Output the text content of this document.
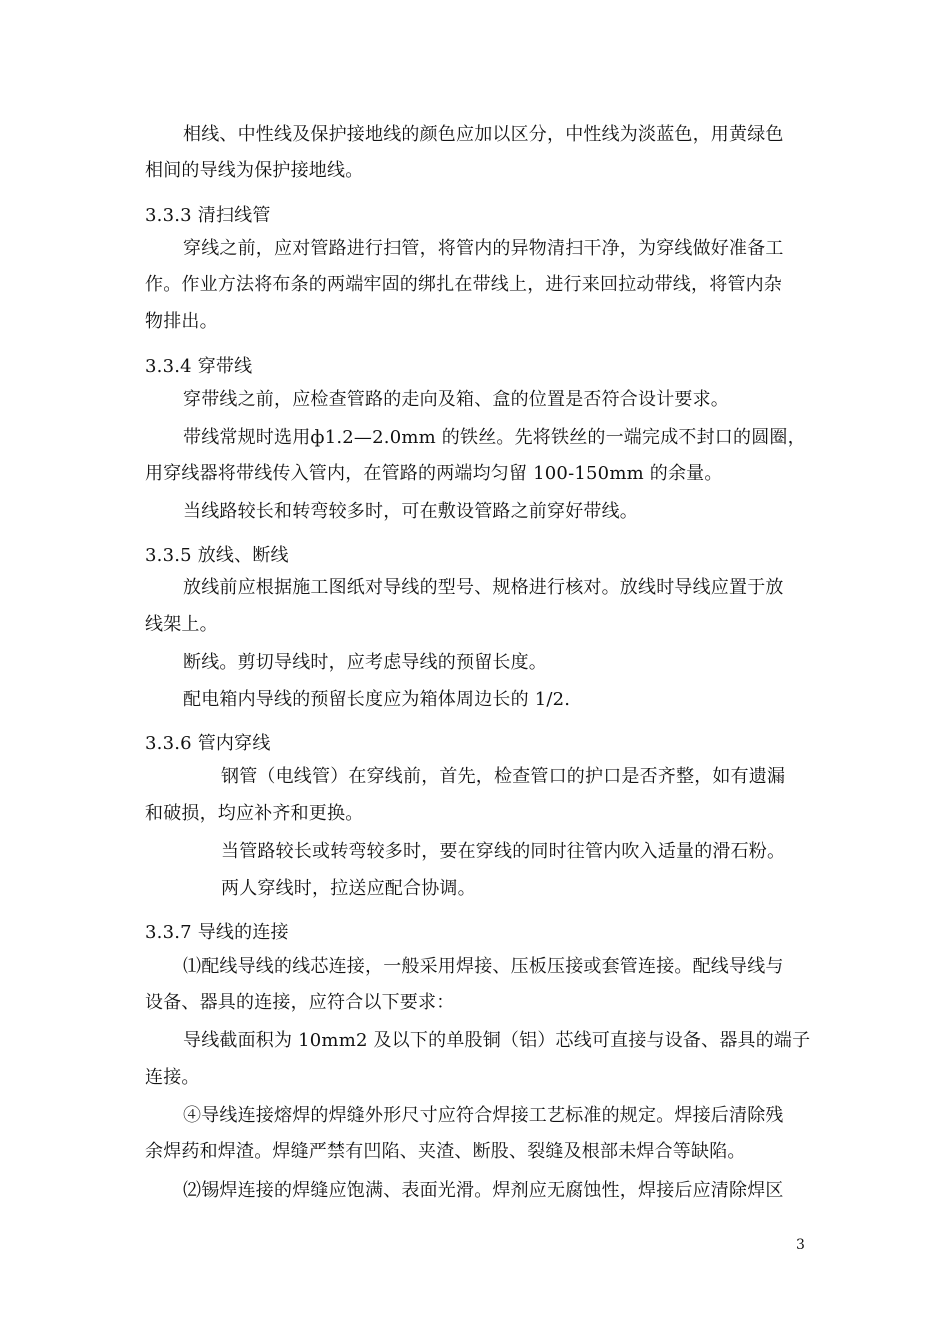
相线、中性线及保护接地线的颜色应加以区分，中性线为淡蓝色，用黄绿色
相间的导线为保护接地线。
3.3.3 清扫线管
穿线之前，应对管路进行扫管，将管内的异物清扫干净，为穿线做好准备工
作。作业方法将布条的两端牢固的绑扎在带线上，进行来回拉动带线，将管内杂
物排出。
3.3.4 穿带线
穿带线之前，应检查管路的走向及箱、盒的位置是否符合设计要求。
带线常规时选用ф1.2—2.0mm 的铁丝。先将铁丝的一端完成不封口的圆圈，
用穿线器将带线传入管内，在管路的两端均匀留 100-150mm 的余量。
当线路较长和转弯较多时，可在敷设管路之前穿好带线。
3.3.5 放线、断线
放线前应根据施工图纸对导线的型号、规格进行核对。放线时导线应置于放
线架上。
断线。剪切导线时，应考虑导线的预留长度。
配电箱内导线的预留长度应为箱体周边长的 1/2.
3.3.6 管内穿线
钢管（电线管）在穿线前，首先，检查管口的护口是否齐整，如有遗漏
和破损，均应补齐和更换。
当管路较长或转弯较多时，要在穿线的同时往管内吹入适量的滑石粉。
两人穿线时，拉送应配合协调。
3.3.7 导线的连接
⑴配线导线的线芯连接，一般采用焊接、压板压接或套管连接。配线导线与
设备、器具的连接，应符合以下要求：
导线截面积为 10mm2 及以下的单股铜（铝）芯线可直接与设备、器具的端子
连接。
④导线连接熔焊的焊缝外形尺寸应符合焊接工艺标准的规定。焊接后清除残
余焊药和焊渣。焊缝严禁有凹陷、夹渣、断股、裂缝及根部未焊合等缺陷。
⑵锡焊连接的焊缝应饱满、表面光滑。焊剂应无腐蚀性，焊接后应清除焊区
3
